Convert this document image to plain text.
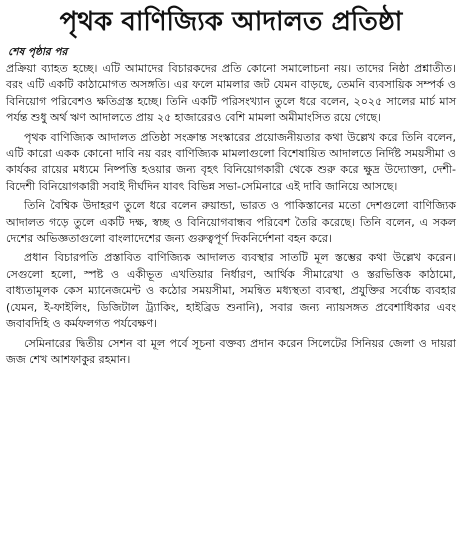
পৃথক বাণিজ্যিক আদালত প্রতিষ্ঠা
শেষ পৃষ্ঠার পর

প্রক্রিয়া ব্যাহত হচ্ছে। এটি আমাদের বিচারকদের প্রতি কোনো সমালোচনা নয়। তাদের নিষ্ঠা প্রশ্নাতীত। বরং এটি একটি কাঠামোগত অসঙ্গতি। এর ফলে মামলার জট যেমন বাড়ছে, তেমনি ব্যবসায়িক সম্পর্ক ও বিনিয়োগ পরিবেশও ক্ষতিগ্রস্ত হচ্ছে। তিনি একটি পরিসংখ্যান তুলে ধরে বলেন, ২০২৫ সালের মার্চ মাস পর্যন্ত শুধু অর্থ ঋণ আদালতে প্রায় ২৫ হাজারেরও বেশি মামলা অমীমাংসিত রয়ে গেছে।

পৃথক বাণিজ্যিক আদালত প্রতিষ্ঠা সংক্রান্ত সংস্কারের প্রয়োজনীয়তার কথা উল্লেখ করে তিনি বলেন, এটি কারো একক কোনো দাবি নয় বরং বাণিজ্যিক মামলাগুলো বিশেষায়িত আদালতে নির্দিষ্ট সময়সীমা ও কার্যকর রায়ের মধ্যমে নিষ্পত্তি হওয়ার জন্য বৃহৎ বিনিয়োগকারী থেকে শুরু করে ক্ষুদ্র উদ্যোক্তা, দেশী-বিদেশী বিনিয়োগকারী সবাই দীর্ঘদিন যাবৎ বিভিন্ন সভা-সেমিনারে এই দাবি জানিয়ে আসছে।

তিনি বৈশ্বিক উদাহরণ তুলে ধরে বলেন রুয়ান্ডা, ভারত ও পাকিস্তানের মতো দেশগুলো বাণিজ্যিক আদালত গড়ে তুলে একটি দক্ষ, স্বচ্ছ ও বিনিয়োগবান্ধব পরিবেশ তৈরি করেছে। তিনি বলেন, এ সকল দেশের অভিজ্ঞতাগুলো বাংলাদেশের জন্য গুরুত্বপূর্ণ দিকনির্দেশনা বহন করে।

প্রধান বিচারপতি প্রস্তাবিত বাণিজ্যিক আদালত ব্যবস্থার সাতটি মূল স্তম্ভের কথা উল্লেখ করেন। সেগুলো হলো, স্পষ্ট ও একীভূত এখতিয়ার নির্ধারণ, আর্থিক সীমারেখা ও স্তরভিত্তিক কাঠামো, বাধ্যতামূলক কেস ম্যানেজমেন্ট ও কঠোর সময়সীমা, সমন্বিত মধ্যস্থতা ব্যবস্থা, প্রযুক্তির সর্বোচ্চ ব্যবহার (যেমন, ই-ফাইলিং, ডিজিটাল ট্র্যাকিং, হাইব্রিড শুনানি), সবার জন্য ন্যায়সঙ্গত প্রবেশাধিকার এবং জবাবদিহি ও কর্মফলগত পর্যবেক্ষণ।

সেমিনারের দ্বিতীয় সেশন বা মূল পর্বে সূচনা বক্তব্য প্রদান করেন সিলেটের সিনিয়র জেলা ও দায়রা জজ শেখ আশফাকুর রহমান।
